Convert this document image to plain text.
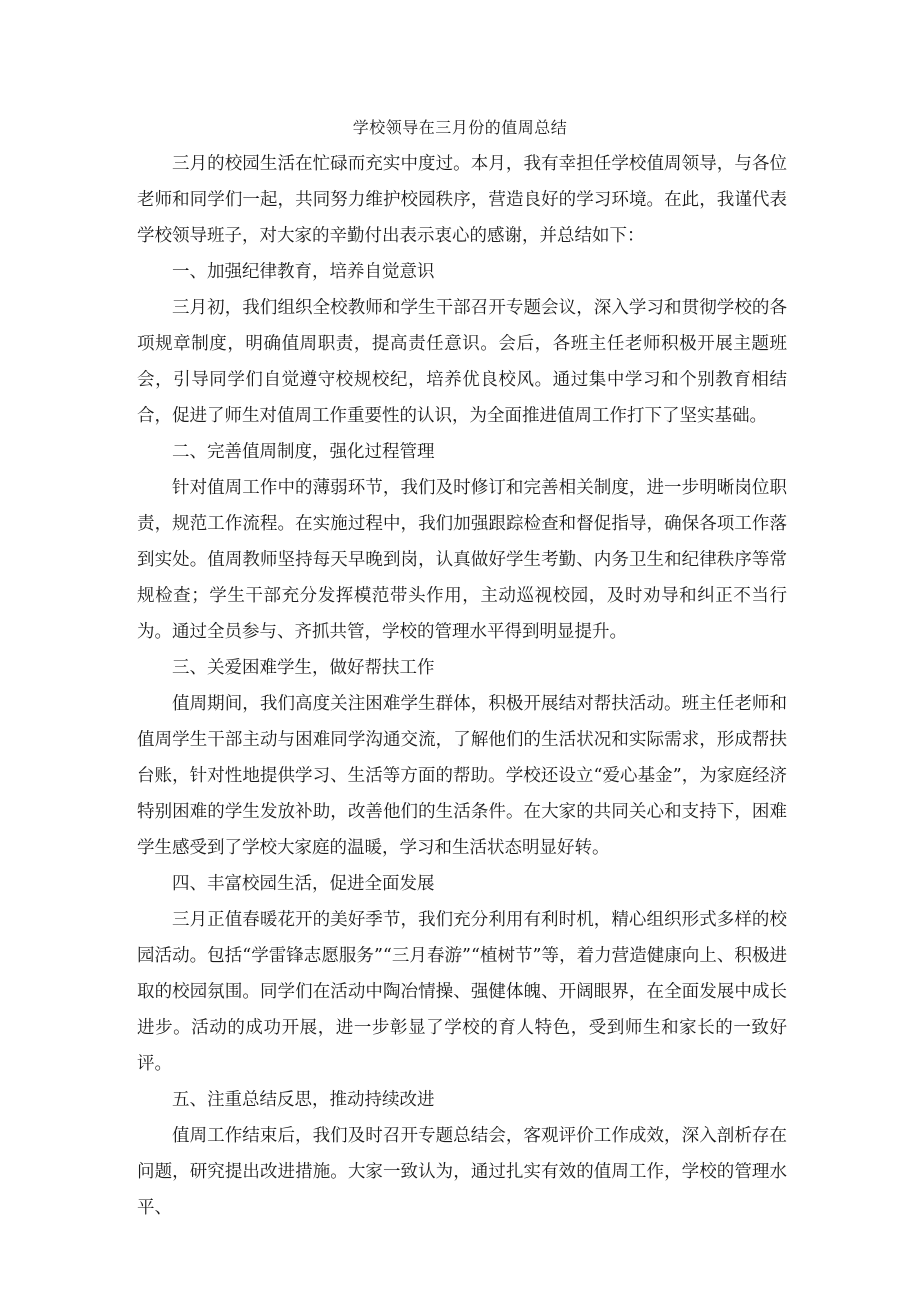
学校领导在三月份的值周总结

三月的校园生活在忙碌而充实中度过。本月，我有幸担任学校值周领导，与各位老师和同学们一起，共同努力维护校园秩序，营造良好的学习环境。在此，我谨代表学校领导班子，对大家的辛勤付出表示衷心的感谢，并总结如下：

一、加强纪律教育，培养自觉意识

三月初，我们组织全校教师和学生干部召开专题会议，深入学习和贯彻学校的各项规章制度，明确值周职责，提高责任意识。会后，各班主任老师积极开展主题班会，引导同学们自觉遵守校规校纪，培养优良校风。通过集中学习和个别教育相结合，促进了师生对值周工作重要性的认识，为全面推进值周工作打下了坚实基础。

二、完善值周制度，强化过程管理

针对值周工作中的薄弱环节，我们及时修订和完善相关制度，进一步明晰岗位职责，规范工作流程。在实施过程中，我们加强跟踪检查和督促指导，确保各项工作落到实处。值周教师坚持每天早晚到岗，认真做好学生考勤、内务卫生和纪律秩序等常规检查；学生干部充分发挥模范带头作用，主动巡视校园，及时劝导和纠正不当行为。通过全员参与、齐抓共管，学校的管理水平得到明显提升。

三、关爱困难学生，做好帮扶工作

值周期间，我们高度关注困难学生群体，积极开展结对帮扶活动。班主任老师和值周学生干部主动与困难同学沟通交流，了解他们的生活状况和实际需求，形成帮扶台账，针对性地提供学习、生活等方面的帮助。学校还设立“爱心基金”，为家庭经济特别困难的学生发放补助，改善他们的生活条件。在大家的共同关心和支持下，困难学生感受到了学校大家庭的温暖，学习和生活状态明显好转。

四、丰富校园生活，促进全面发展

三月正值春暖花开的美好季节，我们充分利用有利时机，精心组织形式多样的校园活动。包括“学雷锋志愿服务”“三月春游”“植树节”等，着力营造健康向上、积极进取的校园氛围。同学们在活动中陶冶情操、强健体魄、开阔眼界，在全面发展中成长进步。活动的成功开展，进一步彰显了学校的育人特色，受到师生和家长的一致好评。

五、注重总结反思，推动持续改进

值周工作结束后，我们及时召开专题总结会，客观评价工作成效，深入剖析存在问题，研究提出改进措施。大家一致认为，通过扎实有效的值周工作，学校的管理水平、
